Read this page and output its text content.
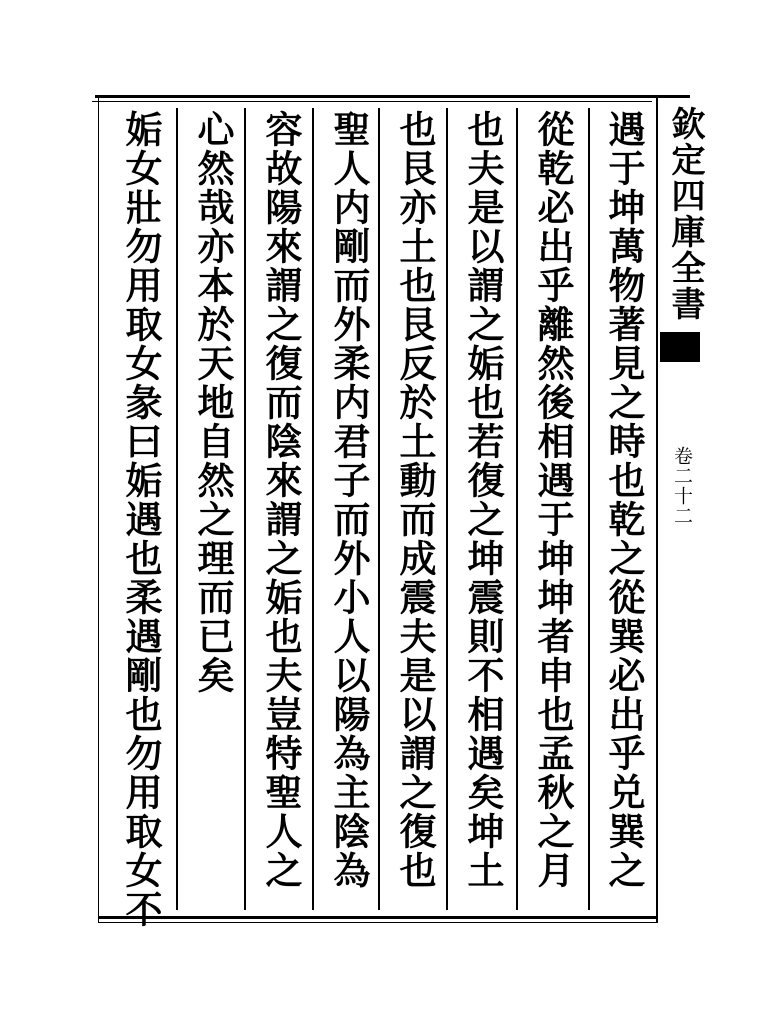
遇于坤萬物著見之時也乾之從巽必出乎兑巽之
從乾必出乎離然後相遇于坤坤者申也孟秋之月
也夫是以謂之姤也若復之坤震則不相遇矣坤土
也艮亦土也艮反於土動而成震夫是以謂之復也
聖人内剛而外柔内君子而外小人以陽為主陰為
容故陽來謂之復而陰來謂之姤也夫豈特聖人之
心然哉亦本於天地自然之理而已矣
姤女壯勿用取女彖曰姤遇也柔遇剛也勿用取女不	欽定四庫全書
卷二十二
